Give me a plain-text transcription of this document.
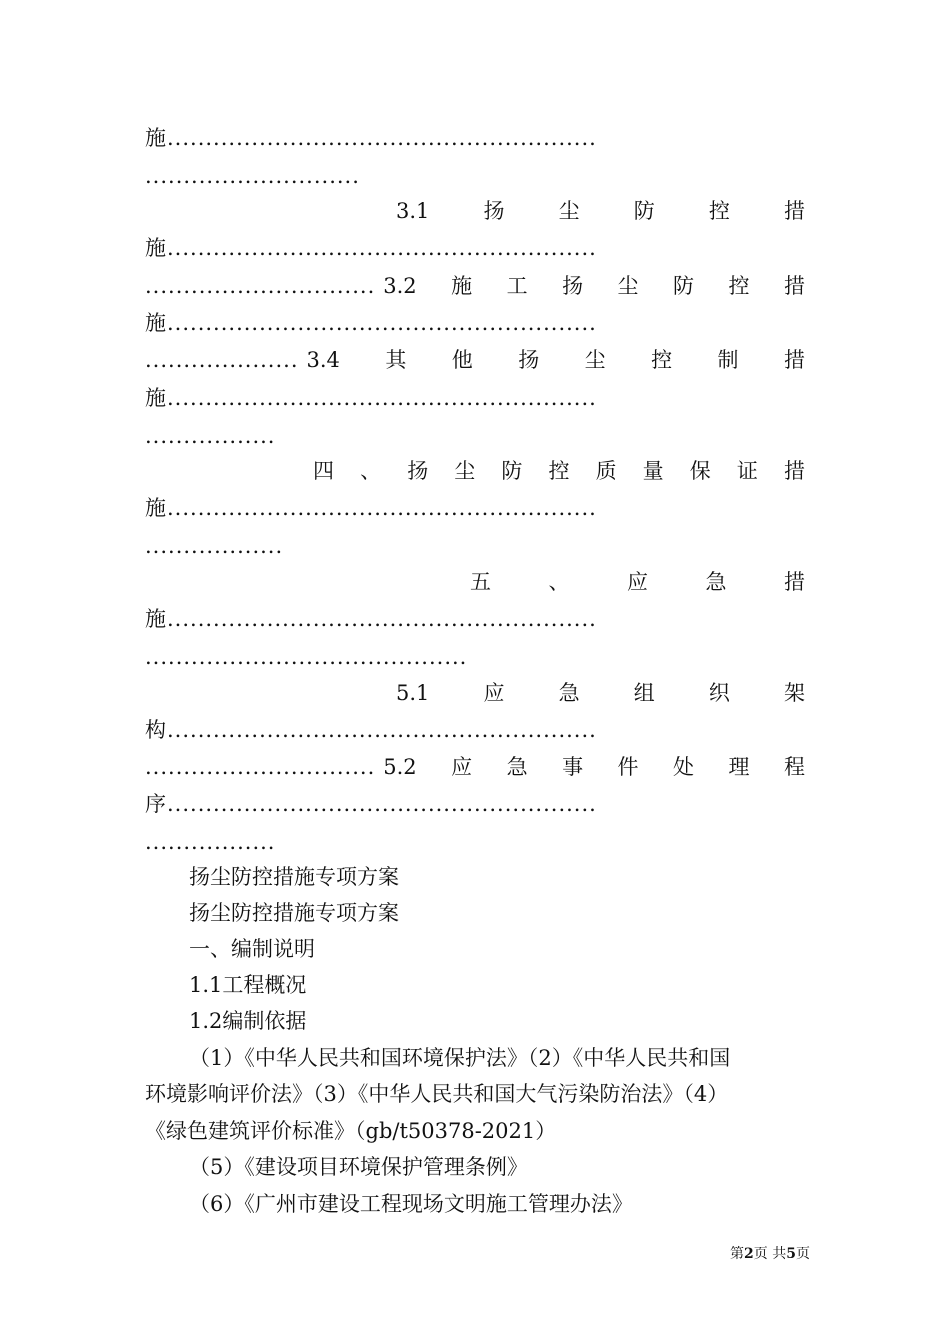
施........................................................
............................
3.1	扬	尘	防	控	措
施........................................................
.............................. 3.2 施 工 扬 尘 防 控 措
施........................................................
.................... 3.4 其 他 扬 尘 控 制 措
施........................................................
.................
四 、 扬 尘 防 控 质 量 保 证 措
施........................................................
..................
五	、	应	急	措
施........................................................
..........................................
5.1	应	急	组	织	架
构........................................................
.............................. 5.2 应 急 事 件 处 理 程
序........................................................
.................
扬尘防控措施专项方案
扬尘防控措施专项方案
一、编制说明
1.1工程概况
1.2编制依据
（1）《中华人民共和国环境保护法》（2）《中华人民共和国
环境影响评价法》（3）《中华人民共和国大气污染防治法》（4）
《绿色建筑评价标准》（gb/t50378-2021）
（5）《建设项目环境保护管理条例》
（6）《广州市建设工程现场文明施工管理办法》
第2页 共5页
